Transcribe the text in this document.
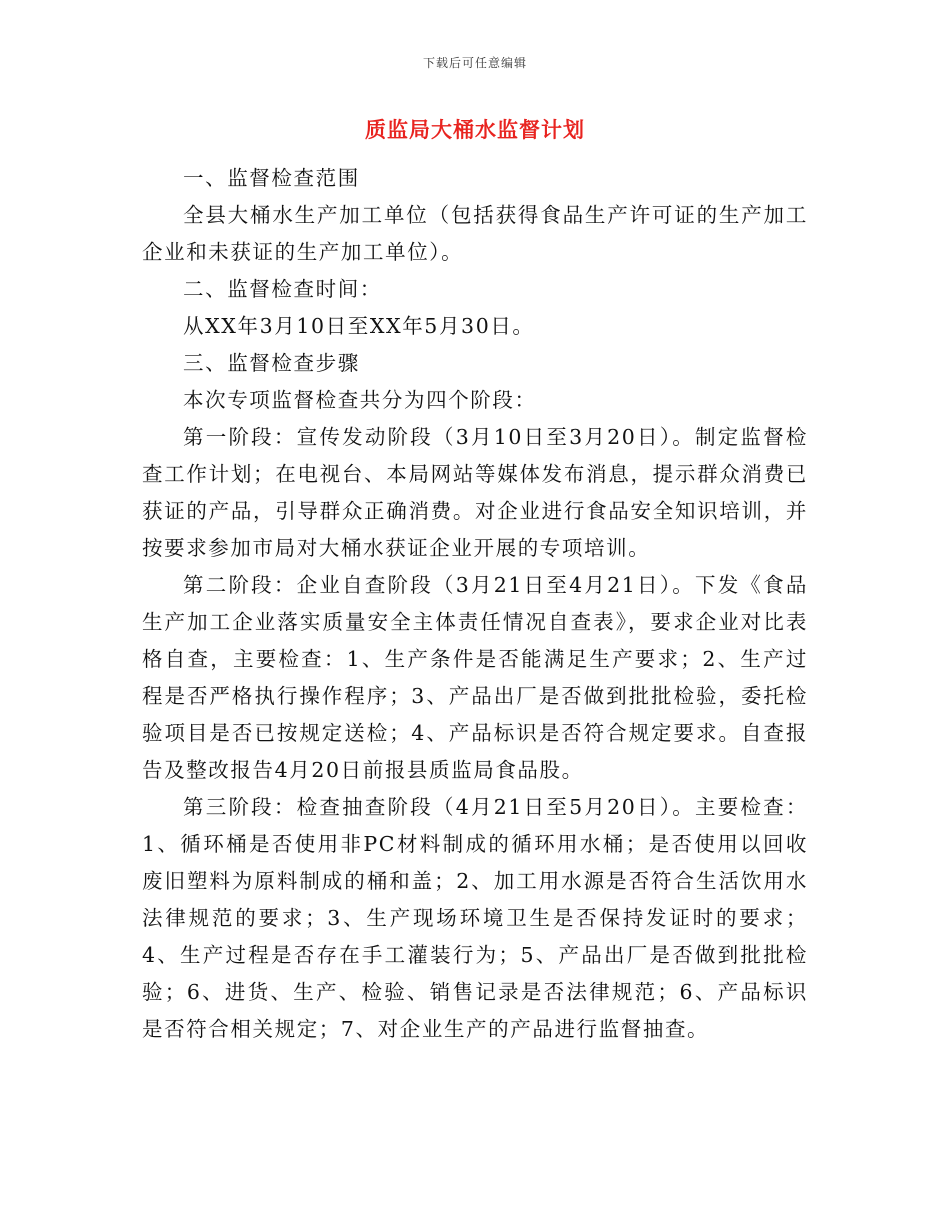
下载后可任意编辑
质监局大桶水监督计划

一、监督检查范围

全县大桶水生产加工单位（包括获得食品生产许可证的生产加工企业和未获证的生产加工单位）。

二、监督检查时间：

从XX年3月10日至XX年5月30日。

三、监督检查步骤

本次专项监督检查共分为四个阶段：

第一阶段：宣传发动阶段（3月10日至3月20日）。制定监督检查工作计划；在电视台、本局网站等媒体发布消息，提示群众消费已获证的产品，引导群众正确消费。对企业进行食品安全知识培训，并按要求参加市局对大桶水获证企业开展的专项培训。

第二阶段：企业自查阶段（3月21日至4月21日）。下发《食品生产加工企业落实质量安全主体责任情况自查表》，要求企业对比表格自查，主要检查：1、生产条件是否能满足生产要求；2、生产过程是否严格执行操作程序；3、产品出厂是否做到批批检验，委托检验项目是否已按规定送检；4、产品标识是否符合规定要求。自查报告及整改报告4月20日前报县质监局食品股。

第三阶段：检查抽查阶段（4月21日至5月20日）。主要检查：1、循环桶是否使用非PC材料制成的循环用水桶；是否使用以回收废旧塑料为原料制成的桶和盖；2、加工用水源是否符合生活饮用水法律规范的要求；3、生产现场环境卫生是否保持发证时的要求；4、生产过程是否存在手工灌装行为；5、产品出厂是否做到批批检验；6、进货、生产、检验、销售记录是否法律规范；6、产品标识是否符合相关规定；7、对企业生产的产品进行监督抽查。
